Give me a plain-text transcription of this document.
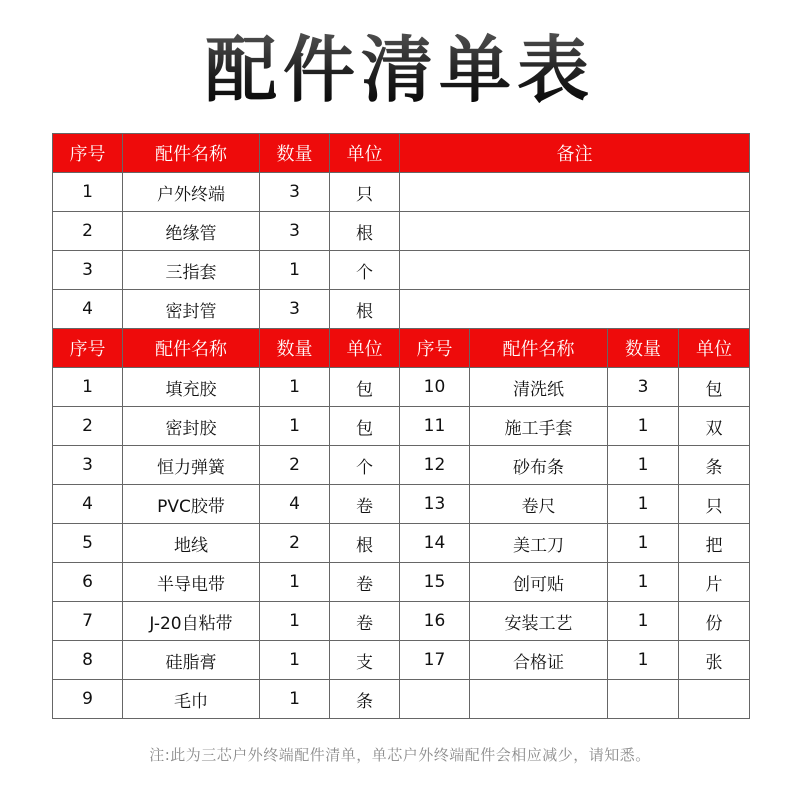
配件清单表
序号	配件名称	数量	单位	备注
1	户外终端	3	只	
2	绝缘管	3	根	
3	三指套	1	个	
4	密封管	3	根	
序号	配件名称	数量	单位	序号	配件名称	数量	单位
1	填充胶	1	包	10	清洗纸	3	包
2	密封胶	1	包	11	施工手套	1	双
3	恒力弹簧	2	个	12	砂布条	1	条
4	PVC胶带	4	卷	13	卷尺	1	只
5	地线	2	根	14	美工刀	1	把
6	半导电带	1	卷	15	创可贴	1	片
7	J-20自粘带	1	卷	16	安装工艺	1	份
8	硅脂膏	1	支	17	合格证	1	张
9	毛巾	1	条				
注:此为三芯户外终端配件清单，单芯户外终端配件会相应减少，请知悉。
